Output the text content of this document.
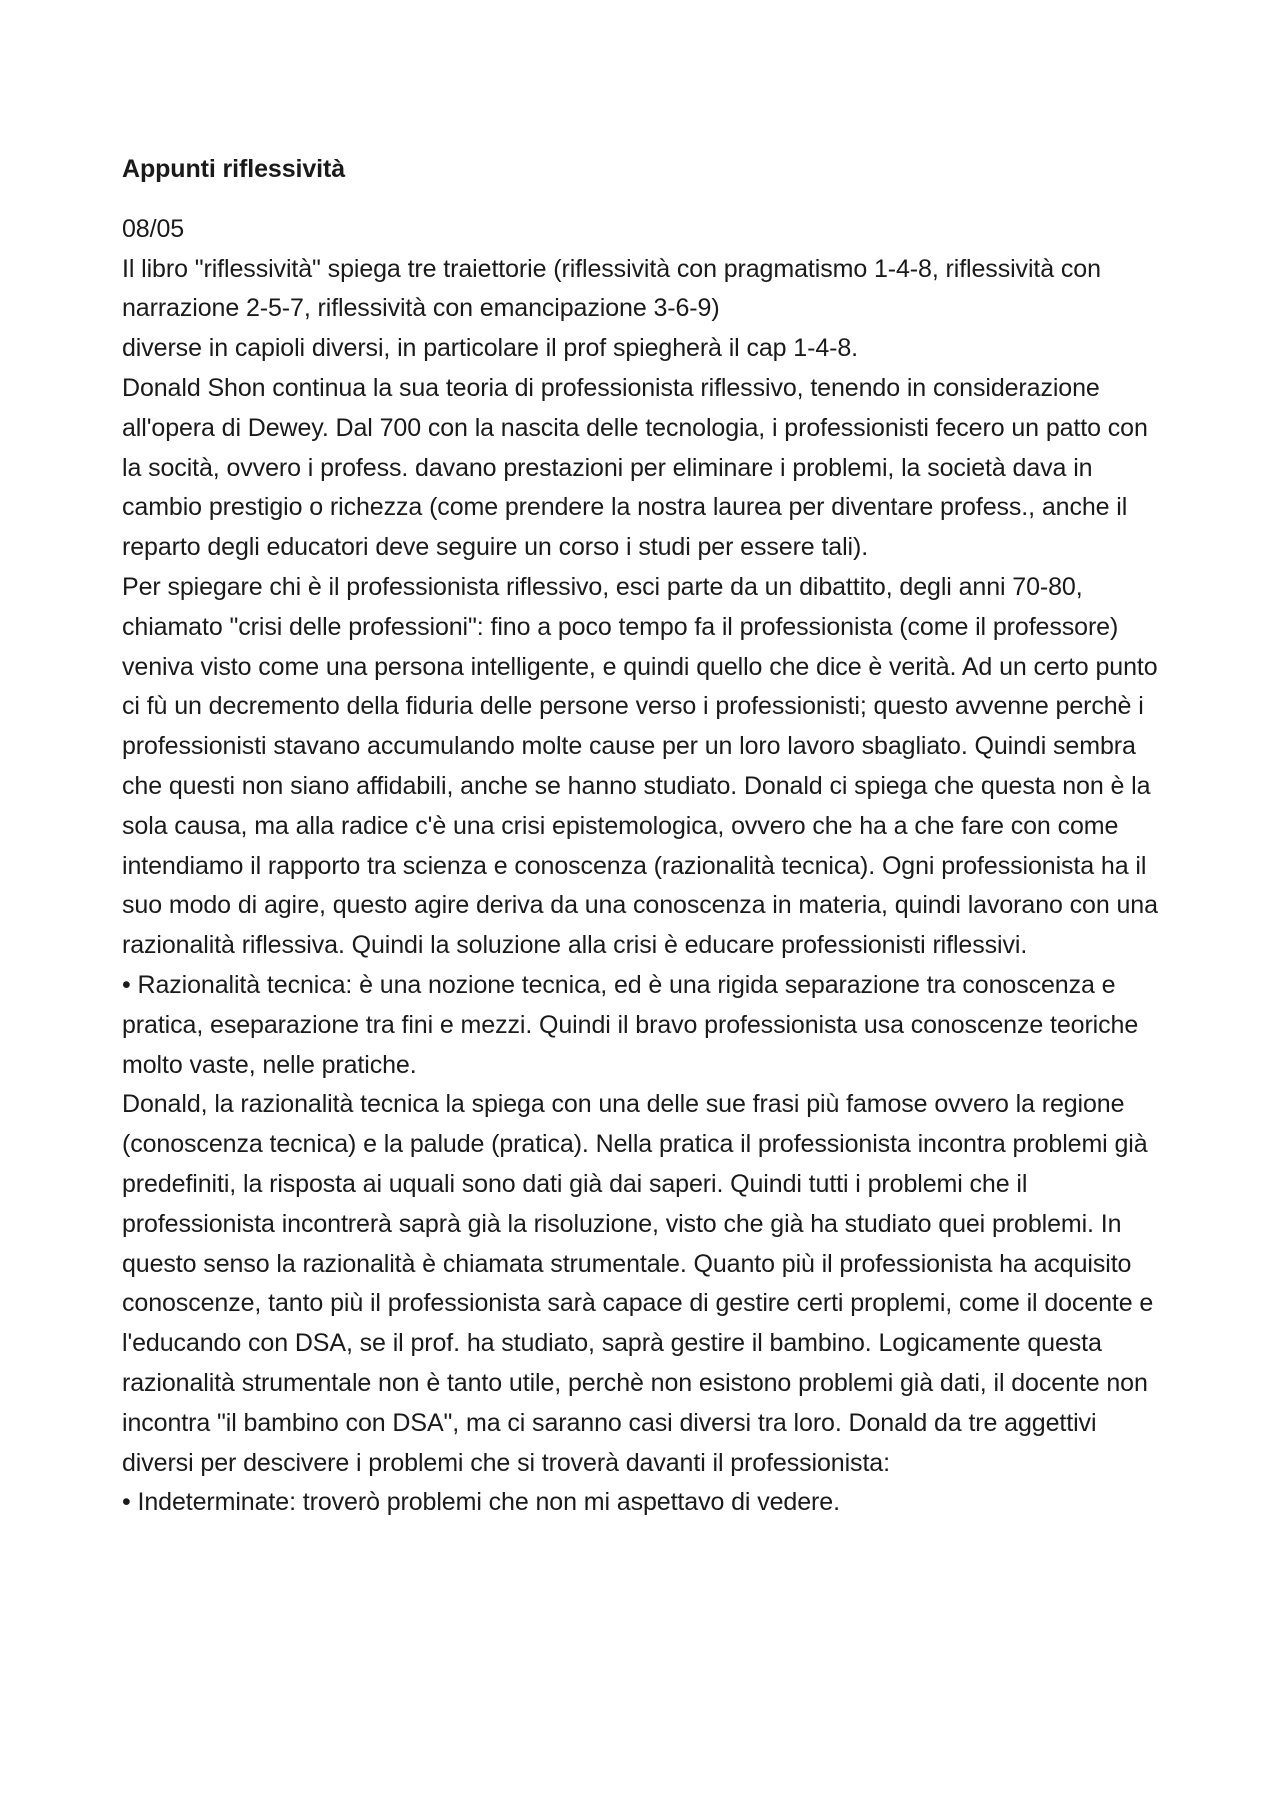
Appunti riflessività

08/05

Il libro "riflessività" spiega tre traiettorie (riflessività con pragmatismo 1-4-8, riflessività con narrazione 2-5-7, riflessività con emancipazione 3-6-9)

diverse in capioli diversi, in particolare il prof spiegherà il cap 1-4-8.

Donald Shon continua la sua teoria di professionista riflessivo, tenendo in considerazione all'opera di Dewey. Dal 700 con la nascita delle tecnologia, i professionisti fecero un patto con la socità, ovvero i profess. davano prestazioni per eliminare i problemi, la società dava in cambio prestigio o richezza (come prendere la nostra laurea per diventare profess., anche il reparto degli educatori deve seguire un corso i studi per essere tali).

Per spiegare chi è il professionista riflessivo, esci parte da un dibattito, degli anni 70-80, chiamato "crisi delle professioni": fino a poco tempo fa il professionista (come il professore) veniva visto come una persona intelligente, e quindi quello che dice è verità. Ad un certo punto ci fù un decremento della fiduria delle persone verso i professionisti; questo avvenne perchè i professionisti stavano accumulando molte cause per un loro lavoro sbagliato. Quindi sembra che questi non siano affidabili, anche se hanno studiato. Donald ci spiega che questa non è la sola causa, ma alla radice c'è una crisi epistemologica, ovvero che ha a che fare con come intendiamo il rapporto tra scienza e conoscenza (razionalità tecnica). Ogni professionista ha il suo modo di agire, questo agire deriva da una conoscenza in materia, quindi lavorano con una razionalità riflessiva. Quindi la soluzione alla crisi è educare professionisti riflessivi.

• Razionalità tecnica: è una nozione tecnica, ed è una rigida separazione tra conoscenza e pratica, eseparazione tra fini e mezzi. Quindi il bravo professionista usa conoscenze teoriche molto vaste, nelle pratiche.

Donald, la razionalità tecnica la spiega con una delle sue frasi più famose ovvero la regione (conoscenza tecnica) e la palude (pratica). Nella pratica il professionista incontra problemi già predefiniti, la risposta ai uquali sono dati già dai saperi. Quindi tutti i problemi che il professionista incontrerà saprà già la risoluzione, visto che già ha studiato quei problemi. In questo senso la razionalità è chiamata strumentale. Quanto più il professionista ha acquisito conoscenze, tanto più il professionista sarà capace di gestire certi proplemi, come il docente e l'educando con DSA, se il prof. ha studiato, saprà gestire il bambino. Logicamente questa razionalità strumentale non è tanto utile, perchè non esistono problemi già dati, il docente non incontra "il bambino con DSA", ma ci saranno casi diversi tra loro. Donald da tre aggettivi diversi per descivere i problemi che si troverà davanti il professionista:

• Indeterminate: troverò problemi che non mi aspettavo di vedere.
